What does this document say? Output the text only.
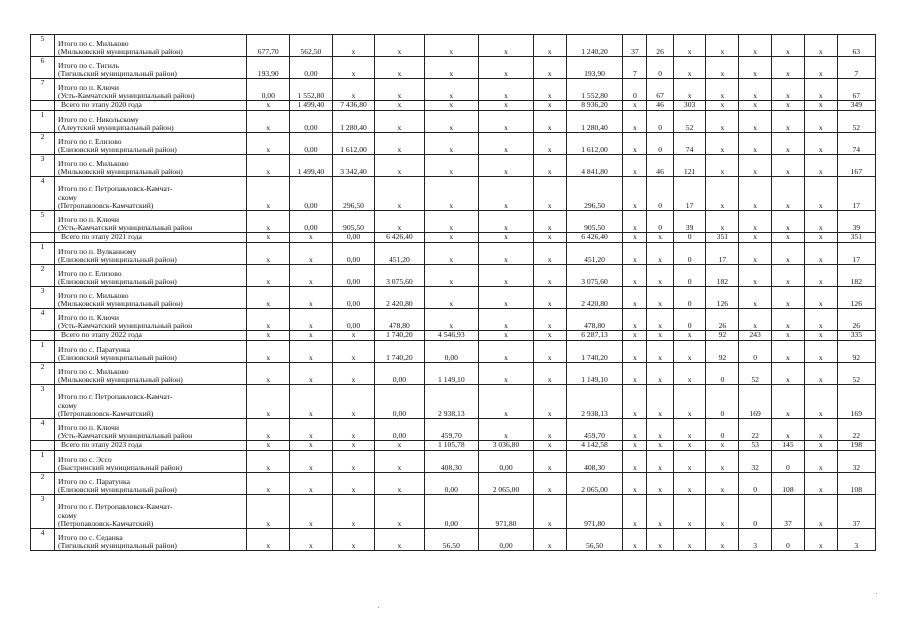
5	Итого по с. Мильково
(Мильковский муниципальный район)	677,70	562,50	x	x	x	x	x	1 240,20	37	26	x	x	x	x	x	63
6	Итого по с. Тигиль
(Тигильский муниципальный район)	193,90	0,00	x	x	x	x	x	193,90	7	0	x	x	x	x	x	7
7	Итого по п. Ключи
(Усть-Камчатский муниципальный район)	0,00	1 552,80	x	x	x	x	x	1 552,80	0	67	x	x	x	x	x	67

	Всего по этапу 2020 года	x	1 499,40	7 436,80	x	x	x	x	8 936,20	x	46	303	x	x	x	x	349
1	Итого по с. Никольскому
(Алеутский муниципальный район)	x	0,00	1 280,40	x	x	x	x	1 280,40	x	0	52	x	x	x	x	52
2	Итого по г. Елизово
(Елизовский муниципальный район)	x	0,00	1 612,00	x	x	x	x	1 612,00	x	0	74	x	x	x	x	74
3	Итого по с. Мильково
(Мильковский муниципальный район)	x	1 499,40	3 342,40	x	x	x	x	4 841,80	x	46	121	x	x	x	x	167
4	Итого по г. Петропавловск-Камчат-
скому
(Петропавловск-Камчатский)	x	0,00	296,50	x	x	x	x	296,50	x	0	17	x	x	x	x	17
5	Итого по п. Ключи
(Усть-Камчатский муниципальный район	x	0,00	905,50	x	x	x	x	905,50	x	0	39	x	x	x	x	39

	Всего по этапу 2021 года	x	x	0,00	6 426,40	x	x	x	6 426,40	x	x	0	351	x	x	x	351
1	Итого по п. Вулканному
(Елизовский муниципальный район)	x	x	0,00	451,20	x	x	x	451,20	x	x	0	17	x	x	x	17
2	Итого по г. Елизово
(Елизовский муниципальный район)	x	x	0,00	3 075,60	x	x	x	3 075,60	x	x	0	182	x	x	x	182
3	Итого по с. Мильково
(Мильковский муниципальный район)	x	x	0,00	2 420,80	x	x	x	2 420,80	x	x	0	126	x	x	x	126
4	Итого по п. Ключи
(Усть-Камчатский муниципальный район	x	x	0,00	478,80	x	x	x	478,80	x	x	0	26	x	x	x	26

	Всего по этапу 2022 года	x	x	x	1 740,20	4 546,93	x	x	6 287,13	x	x	x	92	243	x	x	335
1	Итого по с. Паратунка
(Елизовский муниципальный район)	x	x	x	1 740,20	0,00	x	x	1 740,20	x	x	x	92	0	x	x	92
2	Итого по с. Мильково
(Мильковский муниципальный район)	x	x	x	0,00	1 149,10	x	x	1 149,10	x	x	x	0	52	x	x	52
3	Итого по г. Петропавловск-Камчат-
скому
(Петропавловск-Камчатский)	x	x	x	0,00	2 938,13	x	x	2 938,13	x	x	x	0	169	x	x	169
4	Итого по п. Ключи
(Усть-Камчатский муниципальный район	x	x	x	0,00	459,70	x	x	459,70	x	x	x	0	22	x	x	22

	Всего по этапу 2023 года	x	x	x	x	1 105,78	3 036,80	x	4 142,58	x	x	x	x	53	145	x	198
1	Итого по с. Эссо
(Быстринский муниципальный район)	x	x	x	x	408,30	0,00	x	408,30	x	x	x	x	32	0	x	32
2	Итого по с. Паратунка
(Елизовский муниципальный район)	x	x	x	x	0,00	2 065,00	x	2 065,00	x	x	x	x	0	108	x	108
3	Итого по г. Петропавловск-Камчат-
скому
(Петропавловск-Камчатский)	x	x	x	x	0,00	971,80	x	971,80	x	x	x	x	0	37	x	37
4	Итого по с. Седанка
(Тигильский муниципальный район)	x	x	x	x	56,50	0,00	x	56,50	x	x	x	x	3	0	x	3
